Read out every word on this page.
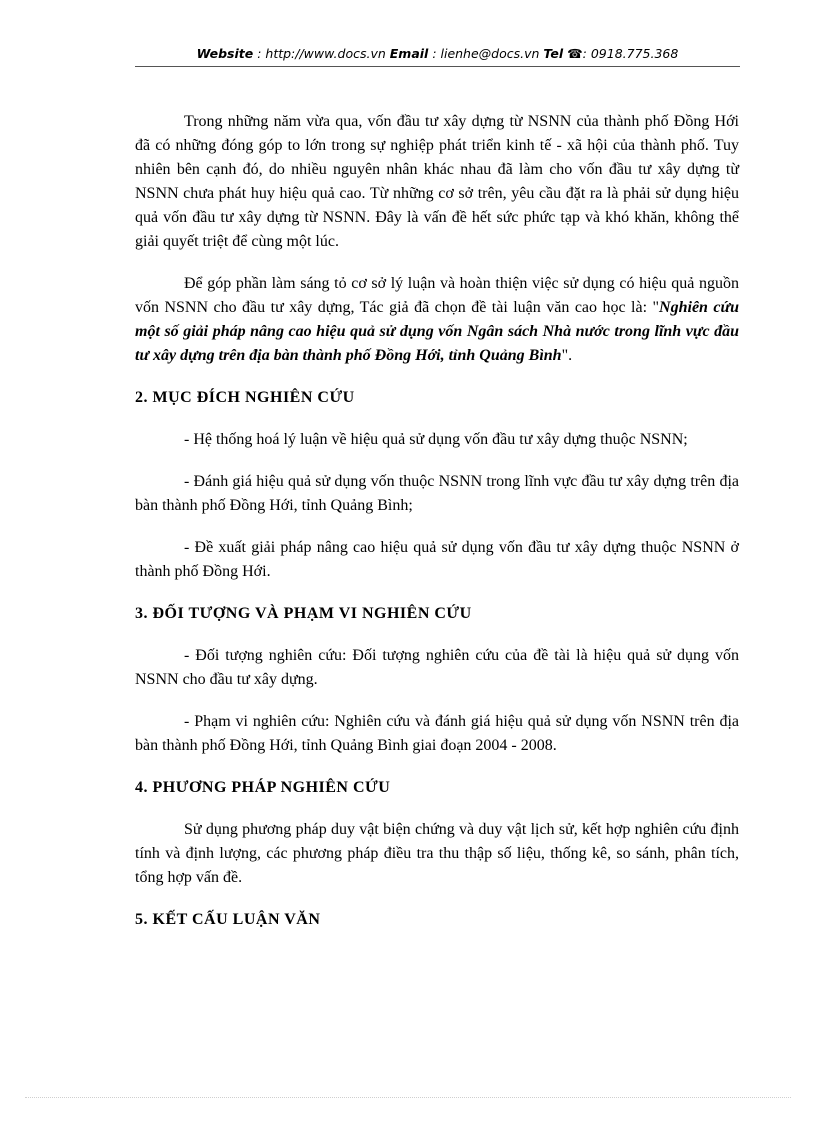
Website : http://www.docs.vn Email : lienhe@docs.vn Tel ☎: 0918.775.368

Trong những năm vừa qua, vốn đầu tư xây dựng từ NSNN của thành phố Đồng Hới đã có những đóng góp to lớn trong sự nghiệp phát triển kinh tế - xã hội của thành phố. Tuy nhiên bên cạnh đó, do nhiều nguyên nhân khác nhau đã làm cho vốn đầu tư xây dựng từ NSNN chưa phát huy hiệu quả cao. Từ những cơ sở trên, yêu cầu đặt ra là phải sử dụng hiệu quả vốn đầu tư xây dựng từ NSNN. Đây là vấn đề hết sức phức tạp và khó khăn, không thể giải quyết triệt để cùng một lúc.

Để góp phần làm sáng tỏ cơ sở lý luận và hoàn thiện việc sử dụng có hiệu quả nguồn vốn NSNN cho đầu tư xây dựng, Tác giả đã chọn đề tài luận văn cao học là: "Nghiên cứu một số giải pháp nâng cao hiệu quả sử dụng vốn Ngân sách Nhà nước trong lĩnh vực đầu tư xây dựng trên địa bàn thành phố Đồng Hới, tỉnh Quảng Bình".

2. MỤC ĐÍCH NGHIÊN CỨU

- Hệ thống hoá lý luận về hiệu quả sử dụng vốn đầu tư xây dựng thuộc NSNN;

- Đánh giá hiệu quả sử dụng vốn thuộc NSNN trong lĩnh vực đầu tư xây dựng trên địa bàn thành phố Đồng Hới, tỉnh Quảng Bình;

- Đề xuất giải pháp nâng cao hiệu quả sử dụng vốn đầu tư xây dựng thuộc NSNN ở thành phố Đồng Hới.

3. ĐỐI TƯỢNG VÀ PHẠM VI NGHIÊN CỨU

- Đối tượng nghiên cứu: Đối tượng nghiên cứu của đề tài là hiệu quả sử dụng vốn NSNN cho đầu tư xây dựng.

- Phạm vi nghiên cứu: Nghiên cứu và đánh giá hiệu quả sử dụng vốn NSNN trên địa bàn thành phố Đồng Hới, tỉnh Quảng Bình giai đoạn 2004 - 2008.

4. PHƯƠNG PHÁP NGHIÊN CỨU

Sử dụng phương pháp duy vật biện chứng và duy vật lịch sử, kết hợp nghiên cứu định tính và định lượng, các phương pháp điều tra thu thập số liệu, thống kê, so sánh, phân tích, tổng hợp vấn đề.

5. KẾT CẤU LUẬN VĂN
